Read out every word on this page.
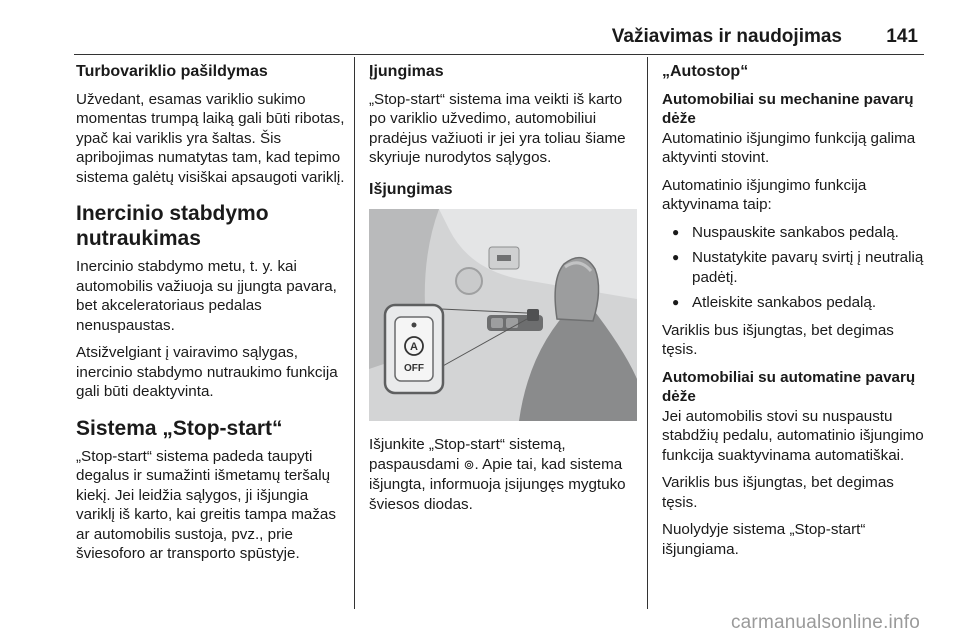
Važiavimas ir naudojimas 141
Turbovariklio pašildymas

Užvedant, esamas variklio sukimo momentas trumpą laiką gali būti ribotas, ypač kai variklis yra šaltas. Šis apribojimas numatytas tam, kad tepimo sistema galėtų visiškai apsaugoti variklį.

Inercinio stabdymo nutraukimas

Inercinio stabdymo metu, t. y. kai automobilis važiuoja su įjungta pavara, bet akceleratoriaus pedalas nenuspaustas.

Atsižvelgiant į vairavimo sąlygas, inercinio stabdymo nutraukimo funkcija gali būti deaktyvinta.

Sistema „Stop-start“

„Stop-start“ sistema padeda taupyti degalus ir sumažinti išmetamų teršalų kiekį. Jei leidžia sąlygos, ji išjungia variklį iš karto, kai greitis tampa mažas ar automobilis sustoja, pvz., prie šviesoforo ar transporto spūstyje.

Įjungimas

„Stop-start“ sistema ima veikti iš karto po variklio užvedimo, automobiliui pradėjus važiuoti ir jei yra toliau šiame skyriuje nurodytos sąlygos.

Išjungimas
A
OFF

Išjunkite „Stop-start“ sistemą, paspausdami ⊚. Apie tai, kad sistema išjungta, informuoja įsijungęs mygtuko šviesos diodas.

„Autostop“
Automobiliai su mechanine pavarų dėže

Automatinio išjungimo funkciją galima aktyvinti stovint.

Automatinio išjungimo funkcija aktyvinama taip:

● Nuspauskite sankabos pedalą.
● Nustatykite pavarų svirtį į neutralią padėtį.
● Atleiskite sankabos pedalą.

Variklis bus išjungtas, bet degimas tęsis.

Automobiliai su automatine pavarų dėže

Jei automobilis stovi su nuspaustu stabdžių pedalu, automatinio išjungimo funkcija suaktyvinama automatiškai.

Variklis bus išjungtas, bet degimas tęsis.

Nuolydyje sistema „Stop-start“ išjungiama.

carmanualsonline.info
